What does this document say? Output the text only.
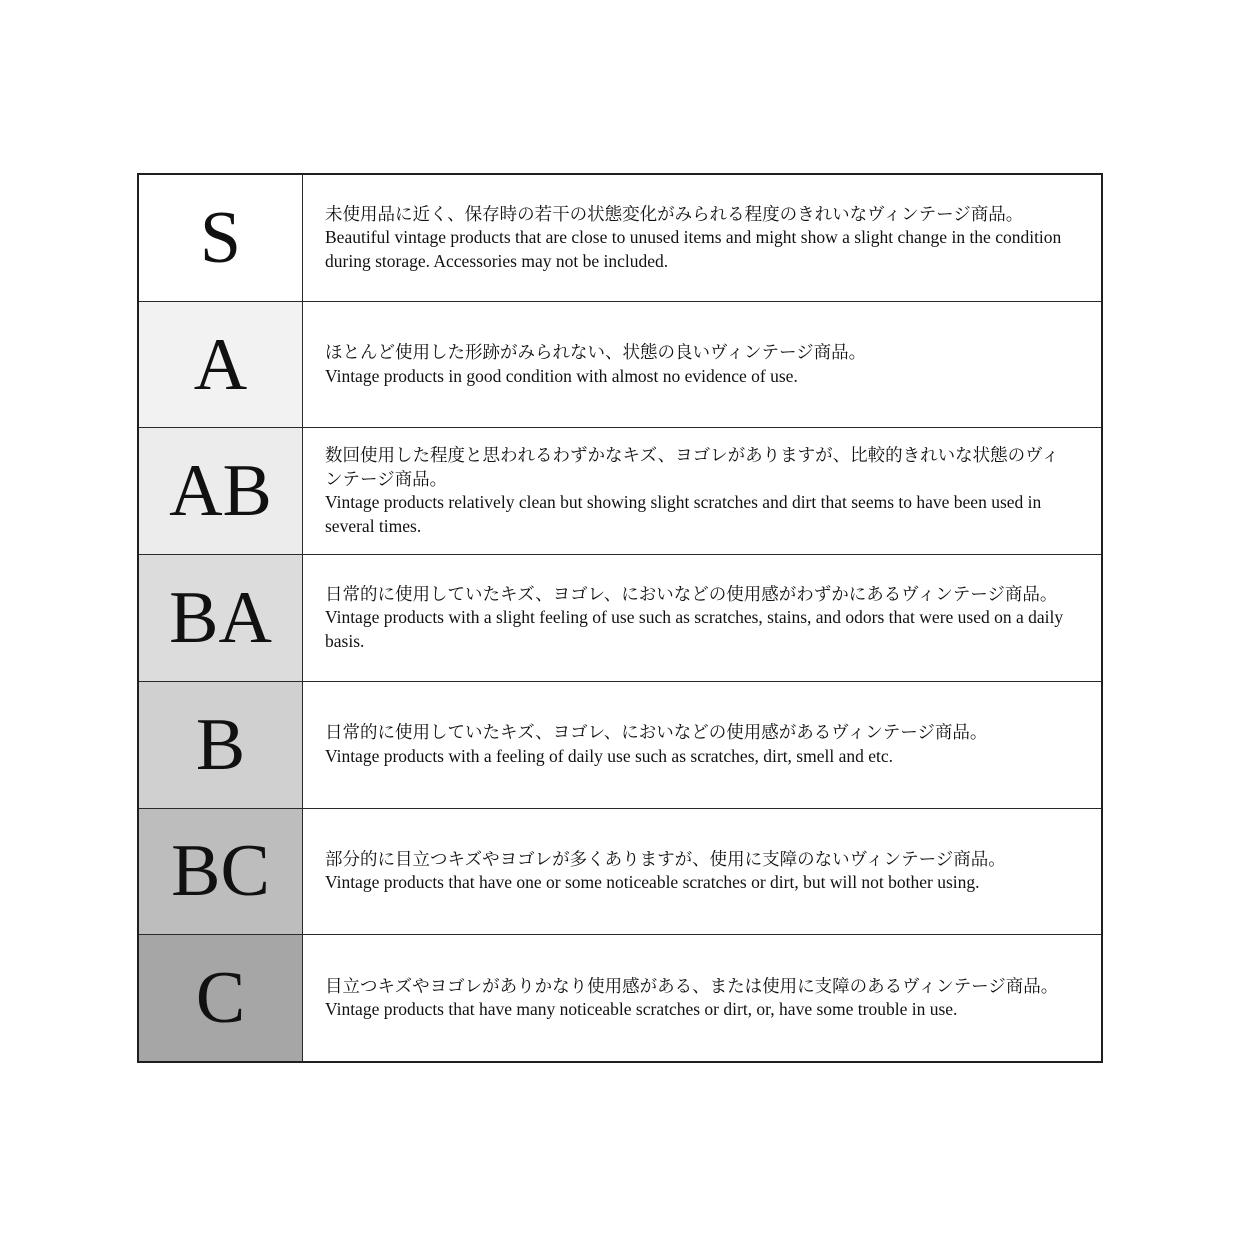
S	未使用品に近く、保存時の若干の状態変化がみられる程度のきれいなヴィンテージ商品。
Beautiful vintage products that are close to unused items and might show a slight change in the condition during storage. Accessories may not be included.
A	ほとんど使用した形跡がみられない、状態の良いヴィンテージ商品。
Vintage products in good condition with almost no evidence of use.
AB	数回使用した程度と思われるわずかなキズ、ヨゴレがありますが、比較的きれいな状態のヴィンテージ商品。
Vintage products relatively clean but showing slight scratches and dirt that seems to have been used in several times.
BA	日常的に使用していたキズ、ヨゴレ、においなどの使用感がわずかにあるヴィンテージ商品。
Vintage products with a slight feeling of use such as scratches, stains, and odors that were used on a daily basis.
B	日常的に使用していたキズ、ヨゴレ、においなどの使用感があるヴィンテージ商品。
Vintage products with a feeling of daily use such as scratches, dirt, smell and etc.
BC	部分的に目立つキズやヨゴレが多くありますが、使用に支障のないヴィンテージ商品。
Vintage products that have one or some noticeable scratches or dirt, but will not bother using.
C	目立つキズやヨゴレがありかなり使用感がある、または使用に支障のあるヴィンテージ商品。
Vintage products that have many noticeable scratches or dirt, or, have some trouble in use.
